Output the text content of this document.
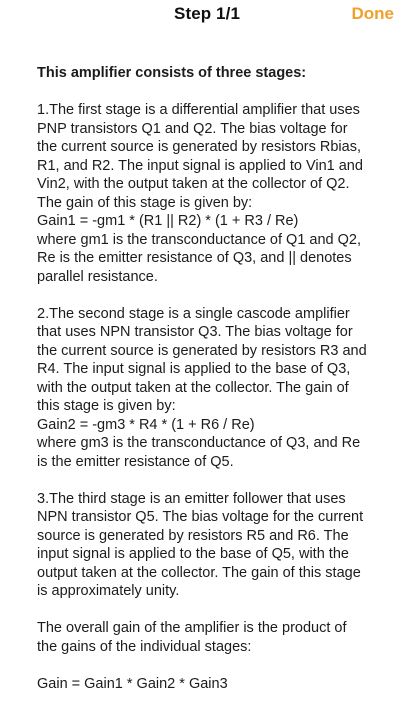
Step 1/1	Done
This amplifier consists of three stages:
1.The first stage is a differential amplifier that uses
PNP transistors Q1 and Q2. The bias voltage for
the current source is generated by resistors Rbias,
R1, and R2. The input signal is applied to Vin1 and
Vin2, with the output taken at the collector of Q2.
The gain of this stage is given by:
Gain1 = -gm1 * (R1 || R2) * (1 + R3 / Re)
where gm1 is the transconductance of Q1 and Q2,
Re is the emitter resistance of Q3, and || denotes
parallel resistance.
2.The second stage is a single cascode amplifier
that uses NPN transistor Q3. The bias voltage for
the current source is generated by resistors R3 and
R4. The input signal is applied to the base of Q3,
with the output taken at the collector. The gain of
this stage is given by:
Gain2 = -gm3 * R4 * (1 + R6 / Re)
where gm3 is the transconductance of Q3, and Re
is the emitter resistance of Q5.
3.The third stage is an emitter follower that uses
NPN transistor Q5. The bias voltage for the current
source is generated by resistors R5 and R6. The
input signal is applied to the base of Q5, with the
output taken at the collector. The gain of this stage
is approximately unity.
The overall gain of the amplifier is the product of
the gains of the individual stages:
Gain = Gain1 * Gain2 * Gain3
